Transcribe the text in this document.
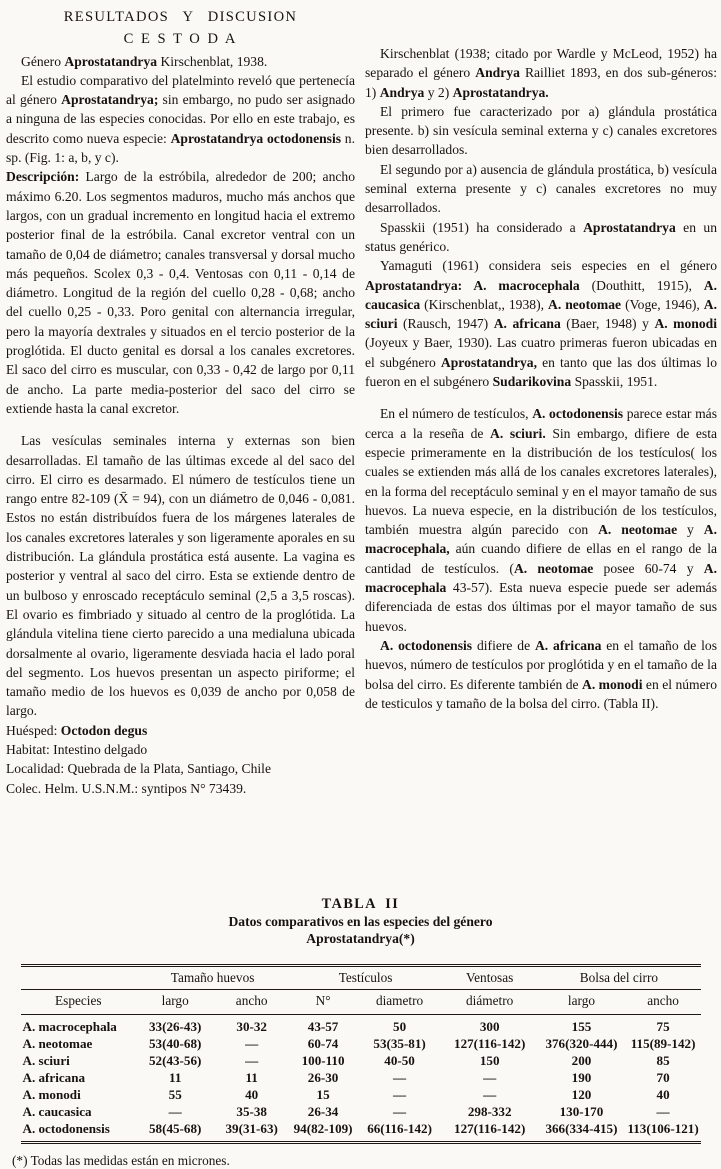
RESULTADOS Y DISCUSION
C E S T O D A

Género Aprostatandrya Kirschenblat, 1938.

El estudio comparativo del platelminto reveló que pertenecía al género Aprostatandrya; sin embargo, no pudo ser asignado a ninguna de las especies conocidas. Por ello en este trabajo, es descrito como nueva especie: Aprostatandrya octodonensis n. sp. (Fig. 1: a, b, y c).

Descripción: Largo de la estróbila, alrededor de 200; ancho máximo 6.20. Los segmentos maduros, mucho más anchos que largos, con un gradual incremento en longitud hacia el extremo posterior final de la estróbila. Canal excretor ventral con un tamaño de 0,04 de diámetro; canales transversal y dorsal mucho más pequeños. Scolex 0,3 - 0,4. Ventosas con 0,11 - 0,14 de diámetro. Longitud de la región del cuello 0,28 - 0,68; ancho del cuello 0,25 - 0,33. Poro genital con alternancia irregular, pero la mayoría dextrales y situados en el tercio posterior de la proglótida. El ducto genital es dorsal a los canales excretores. El saco del cirro es muscular, con 0,33 - 0,42 de largo por 0,11 de ancho. La parte media-posterior del saco del cirro se extiende hasta la canal excretor.

Las vesículas seminales interna y externas son bien desarrolladas. El tamaño de las últimas excede al del saco del cirro. El cirro es desarmado. El número de testículos tiene un rango entre 82-109 (X̄ = 94), con un diámetro de 0,046 - 0,081. Estos no están distribuídos fuera de los márgenes laterales de los canales excretores laterales y son ligeramente aporales en su distribución. La glándula prostática está ausente. La vagina es posterior y ventral al saco del cirro. Esta se extiende dentro de un bulboso y enroscado receptáculo seminal (2,5 a 3,5 roscas). El ovario es fimbriado y situado al centro de la proglótida. La glándula vitelina tiene cierto parecido a una medialuna ubicada dorsalmente al ovario, ligeramente desviada hacia el lado poral del segmento. Los huevos presentan un aspecto piriforme; el tamaño medio de los huevos es 0,039 de ancho por 0,058 de largo.

Huésped: Octodon degus

Habitat: Intestino delgado

Localidad: Quebrada de la Plata, Santiago, Chile

Colec. Helm. U.S.N.M.: syntipos N° 73439.

Kirschenblat (1938; citado por Wardle y McLeod, 1952) ha separado el género Andrya Railliet 1893, en dos sub-géneros: 1) Andrya y 2) Aprostatandrya.

El primero fue caracterizado por a) glándula prostática presente. b) sin vesícula seminal externa y c) canales excretores bien desarrollados.

El segundo por a) ausencia de glándula prostática, b) vesícula seminal externa presente y c) canales excretores no muy desarrollados.

Spasskii (1951) ha considerado a Aprostatandrya en un status genérico.

Yamaguti (1961) considera seis especies en el género Aprostatandrya: A. macrocephala (Douthitt, 1915), A. caucasica (Kirschenblat,, 1938), A. neotomae (Voge, 1946), A. sciuri (Rausch, 1947) A. africana (Baer, 1948) y A. monodi (Joyeux y Baer, 1930). Las cuatro primeras fueron ubicadas en el subgénero Aprostatandrya, en tanto que las dos últimas lo fueron en el subgénero Sudarikovina Spasskii, 1951.

En el número de testículos, A. octodonensis parece estar más cerca a la reseña de A. sciuri. Sin embargo, difiere de esta especie primeramente en la distribución de los testículos( los cuales se extienden más allá de los canales excretores laterales), en la forma del receptáculo seminal y en el mayor tamaño de sus huevos. La nueva especie, en la distribución de los testículos, también muestra algún parecido con A. neotomae y A. macrocephala, aún cuando difiere de ellas en el rango de la cantidad de testículos. (A. neotomae posee 60-74 y A. macrocephala 43-57). Esta nueva especie puede ser además diferenciada de estas dos últimas por el mayor tamaño de sus huevos.

A. octodonensis difiere de A. africana en el tamaño de los huevos, número de testículos por proglótida y en el tamaño de la bolsa del cirro. Es diferente también de A. monodi en el número de testiculos y tamaño de la bolsa del cirro. (Tabla II).

TABLA II
Datos comparativos en las especies del género
Aprostatandrya(*)
	Tamaño huevos		Testículos		Ventosas	Bolsa del cirro	
Especies	largo	ancho	N°	diametro	diámetro	largo	ancho
A. macrocephala	33(26-43)	30-32	43-57	50	300	155	75
A. neotomae	53(40-68)	—	60-74	53(35-81)	127(116-142)	376(320-444)	115(89-142)
A. sciuri	52(43-56)	—	100-110	40-50	150	200	85
A. africana	11	11	26-30	—	—	190	70
A. monodi	55	40	15	—	—	120	40
A. caucasica	—	35-38	26-34	—	298-332	130-170	—
A. octodonensis	58(45-68)	39(31-63)	94(82-109)	66(116-142)	127(116-142)	366(334-415)	113(106-121)
(*) Todas las medidas están en micrones.
